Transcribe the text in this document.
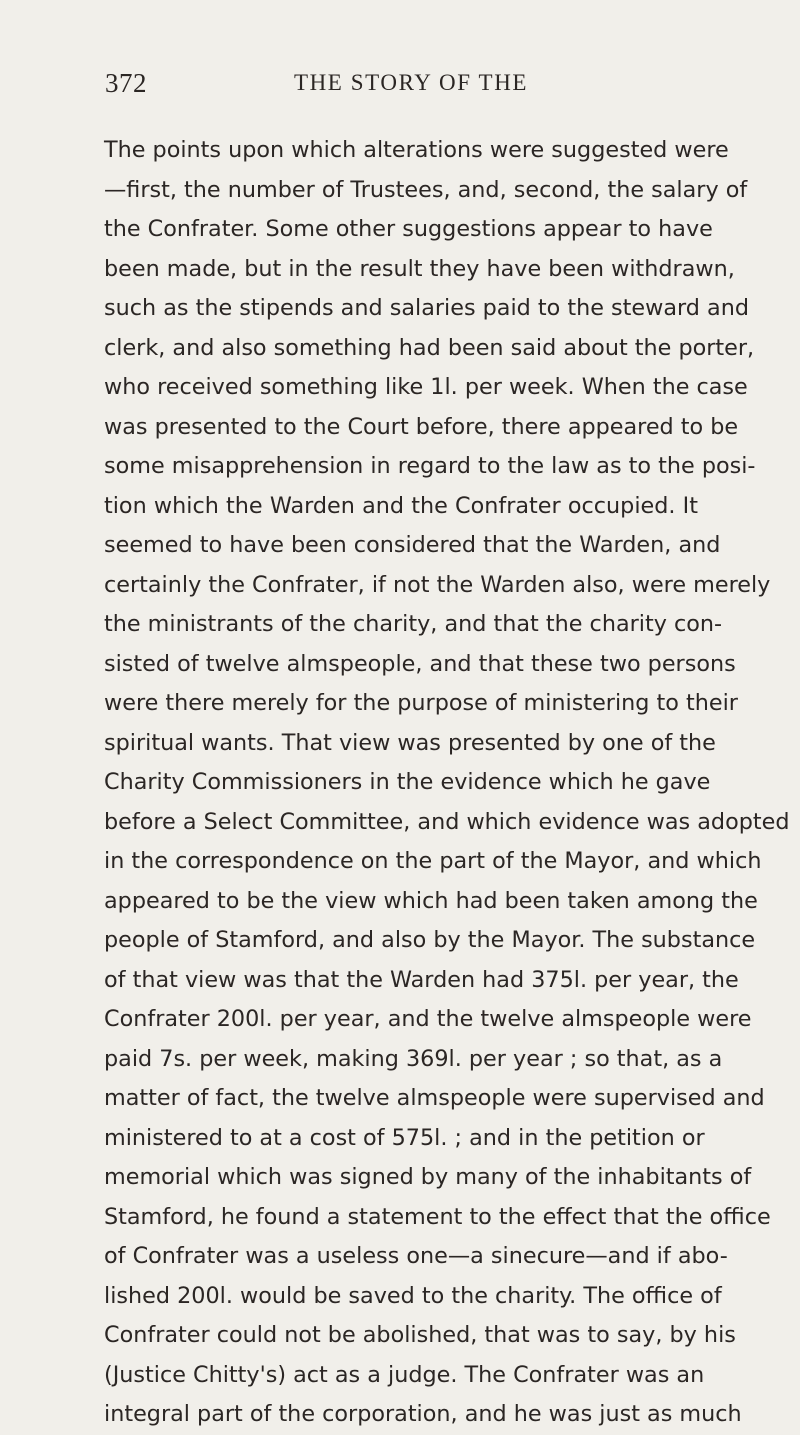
372	THE STORY OF THE
The points upon which alterations were suggested were
—first, the number of Trustees, and, second, the salary of
the Confrater. Some other suggestions appear to have
been made, but in the result they have been withdrawn,
such as the stipends and salaries paid to the steward and
clerk, and also something had been said about the porter,
who received something like 1l. per week. When the case
was presented to the Court before, there appeared to be
some misapprehension in regard to the law as to the posi-
tion which the Warden and the Confrater occupied. It
seemed to have been considered that the Warden, and
certainly the Confrater, if not the Warden also, were merely
the ministrants of the charity, and that the charity con-
sisted of twelve almspeople, and that these two persons
were there merely for the purpose of ministering to their
spiritual wants. That view was presented by one of the
Charity Commissioners in the evidence which he gave
before a Select Committee, and which evidence was adopted
in the correspondence on the part of the Mayor, and which
appeared to be the view which had been taken among the
people of Stamford, and also by the Mayor. The substance
of that view was that the Warden had 375l. per year, the
Confrater 200l. per year, and the twelve almspeople were
paid 7s. per week, making 369l. per year ; so that, as a
matter of fact, the twelve almspeople were supervised and
ministered to at a cost of 575l. ; and in the petition or
memorial which was signed by many of the inhabitants of
Stamford, he found a statement to the effect that the office
of Confrater was a useless one—a sinecure—and if abo-
lished 200l. would be saved to the charity. The office of
Confrater could not be abolished, that was to say, by his
(Justice Chitty's) act as a judge. The Confrater was an
integral part of the corporation, and he was just as much
